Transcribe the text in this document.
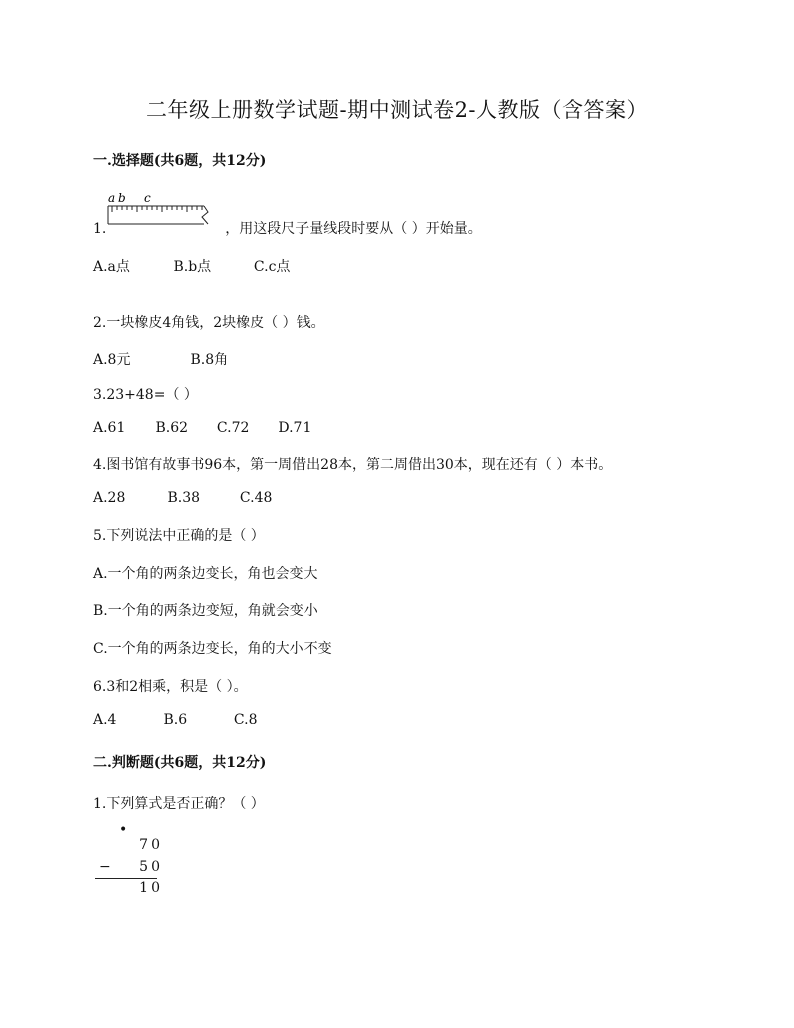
二年级上册数学试题-期中测试卷2-人教版（含答案）
一.选择题(共6题，共12分)
a b c
1.	，用这段尺子量线段时要从（ ）开始量。
A.a点	B.b点	C.c点
2.一块橡皮4角钱，2块橡皮（ ）钱。
A.8元	B.8角
3.23+48=（ ）
A.61 B.62 C.72 D.71
4.图书馆有故事书96本，第一周借出28本，第二周借出30本，现在还有（ ）本书。
A.28	B.38	C.48
5.下列说法中正确的是（ ）
A.一个角的两条边变长，角也会变大
B.一个角的两条边变短，角就会变小
C.一个角的两条边变长，角的大小不变
6.3和2相乘，积是（ ）。
A.4	B.6	C.8
二.判断题(共6题，共12分)
1.下列算式是否正确？（ ）
•
70
−	50
10
